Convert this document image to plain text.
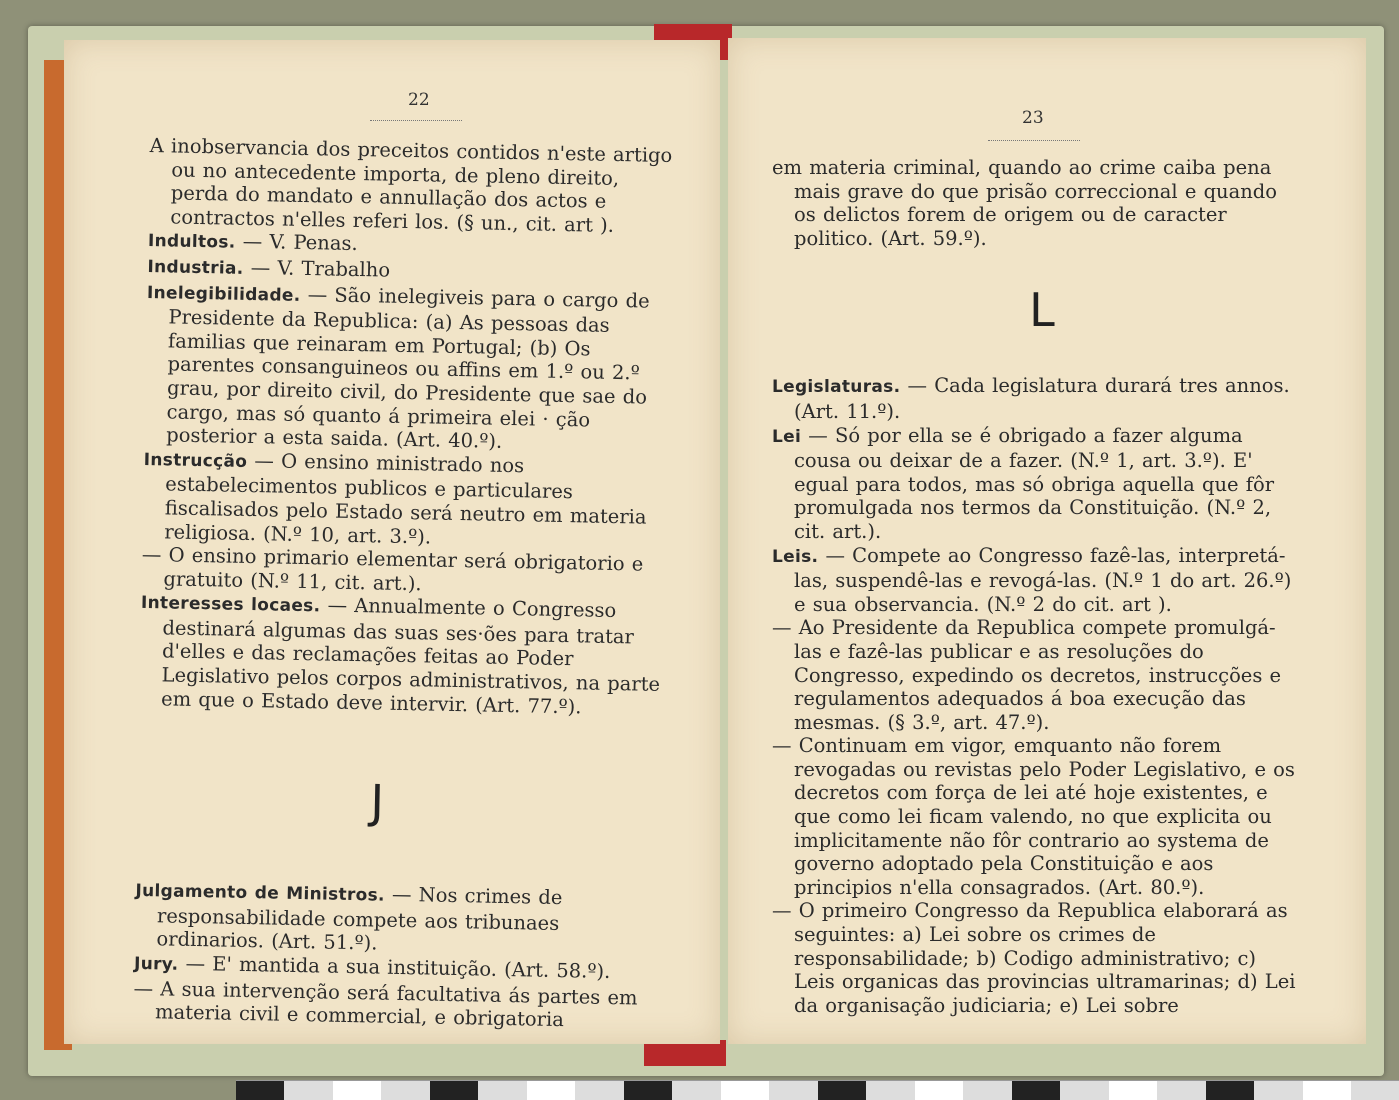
22
23

A inobservancia dos preceitos contidos n'este artigo ou no antecedente importa, de pleno direito, perda do mandato e annullação dos actos e contractos n'elles referi los. (§ un., cit. art ).

Indultos. — V. Penas.

Industria. — V. Trabalho

Inelegibilidade. — São inelegiveis para o cargo de Presidente da Republica: (a) As pessoas das familias que reinaram em Portugal; (b) Os parentes consanguineos ou affins em 1.º ou 2.º grau, por direito civil, do Presidente que sae do cargo, mas só quanto á primeira elei · ção posterior a esta saida. (Art. 40.º).

Instrucção — O ensino ministrado nos estabelecimentos publicos e particulares fiscalisados pelo Estado será neutro em materia religiosa. (N.º 10, art. 3.º).

— O ensino primario elementar será obrigatorio e gratuito (N.º 11, cit. art.).

Interesses locaes. — Annualmente o Congresso destinará algumas das suas ses·ões para tratar d'elles e das reclamações feitas ao Poder Legislativo pelos corpos administrativos, na parte em que o Estado deve intervir. (Art. 77.º).

J

Julgamento de Ministros. — Nos crimes de responsabilidade compete aos tribunaes ordinarios. (Art. 51.º).

Jury. — E' mantida a sua instituição. (Art. 58.º).

— A sua intervenção será facultativa ás partes em materia civil e commercial, e obrigatoria

em materia criminal, quando ao crime caiba pena mais grave do que prisão correccional e quando os delictos forem de origem ou de caracter politico. (Art. 59.º).

L

Legislaturas. — Cada legislatura durará tres annos. (Art. 11.º).

Lei — Só por ella se é obrigado a fazer alguma cousa ou deixar de a fazer. (N.º 1, art. 3.º). E' egual para todos, mas só obriga aquella que fôr promulgada nos termos da Constituição. (N.º 2, cit. art.).

Leis. — Compete ao Congresso fazê-las, interpretá-las, suspendê-las e revogá-las. (N.º 1 do art. 26.º) e sua observancia. (N.º 2 do cit. art ).

— Ao Presidente da Republica compete promulgá-las e fazê-las publicar e as resoluções do Congresso, expedindo os decretos, instrucções e regulamentos adequados á boa execução das mesmas. (§ 3.º, art. 47.º).

— Continuam em vigor, emquanto não forem revogadas ou revistas pelo Poder Legislativo, e os decretos com força de lei até hoje existentes, e que como lei ficam valendo, no que explicita ou implicitamente não fôr contrario ao systema de governo adoptado pela Constituição e aos principios n'ella consagrados. (Art. 80.º).

— O primeiro Congresso da Republica elaborará as seguintes: a) Lei sobre os crimes de responsabilidade; b) Codigo administrativo; c) Leis organicas das provincias ultramarinas; d) Lei da organisação judiciaria; e) Lei sobre
